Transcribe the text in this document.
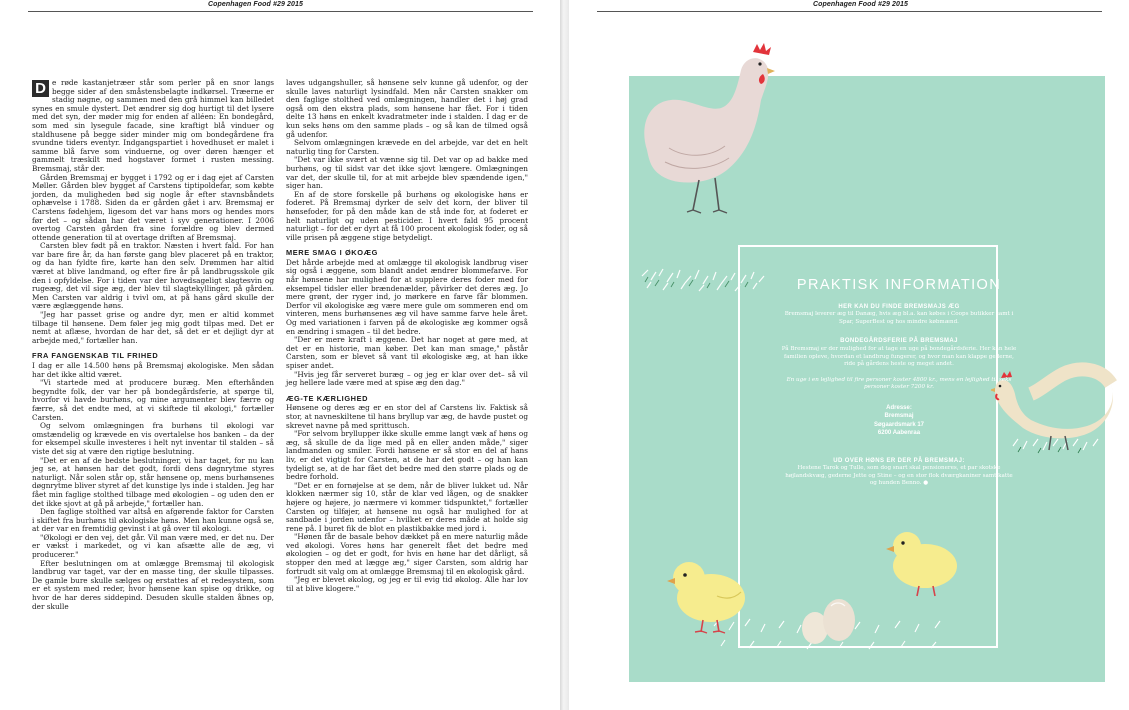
Copenhagen Food #29 2015

D e røde kastanjetræer står som perler på en snor langs begge sider af den småstensbelagte indkørsel. Træerne er stadig nøgne, og sammen med den grå himmel kan billedet synes en smule dystert. Det ændrer sig dog hurtigt til det lysere med det syn, der møder mig for enden af alléen: En bondegård, som med sin lysegule facade, sine kraftigt blå vinduer og staldhusene på begge sider minder mig om bondegårdene fra svundne tiders eventyr. Indgangspartiet i hovedhuset er malet i samme blå farve som vinduerne, og over døren hænger et gammelt træskilt med hogstaver formet i rusten messing. Bremsmaj, står der.

Gården Bremsmaj er bygget i 1792 og er i dag ejet af Carsten Møller. Gården blev bygget af Carstens tiptipoldefar, som købte jorden, da muligheden bød sig nogle år efter stavnsbåndets ophævelse i 1788. Siden da er gården gået i arv. Bremsmaj er Carstens fødehjem, ligesom det var hans mors og hendes mors før det – og sådan har det været i syv generationer. I 2006 overtog Carsten gården fra sine forældre og blev dermed ottende generation til at overtage driften af Bremsmaj.

Carsten blev født på en traktor. Næsten i hvert fald. For han var bare fire år, da han første gang blev placeret på en traktor, og da han fyldte fire, kørte han den selv. Drømmen har altid været at blive landmand, og efter fire år på landbrugsskole gik den i opfyldelse. For i tiden var der hovedsageligt slagtesvin og rugeæg, det vil sige æg, der blev til slagtekyllinger, på gården. Men Carsten var aldrig i tvivl om, at på hans gård skulle der være æglæggende høns.

"Jeg har passet grise og andre dyr, men er altid kommet tilbage til hønsene. Dem føler jeg mig godt tilpas med. Det er nemt at aflæse, hvordan de har det, så det er et dejligt dyr at arbejde med," fortæller han.

FRA FANGENSKAB TIL FRIHED

I dag er alle 14.500 høns på Bremsmaj økologiske. Men sådan har det ikke altid været.

"Vi startede med at producere buræg. Men efterhånden begyndte folk, der var her på bondegårdsferie, at spørge til, hvorfor vi havde burhøns, og mine argumenter blev færre og færre, så det endte med, at vi skiftede til økologi," fortæller Carsten.

Og selvom omlægningen fra burhøns til økologi var omstændelig og krævede en vis overtalelse hos banken – da der for eksempel skulle investeres i helt nyt inventar til stalden – så viste det sig at være den rigtige beslutning.

"Det er en af de bedste beslutninger, vi har taget, for nu kan jeg se, at hønsen har det godt, fordi dens døgnrytme styres naturligt. Når solen står op, står hønsene op, mens burhønsenes døgnrytme bliver styret af det kunstige lys inde i stalden. Jeg har fået min faglige stolthed tilbage med økologien – og uden den er det ikke sjovt at gå på arbejde," fortæller han.

Den faglige stolthed var altså en afgørende faktor for Carsten i skiftet fra burhøns til økologiske høns. Men han kunne også se, at der var en fremtidig gevinst i at gå over til økologi.

"Økologi er den vej, det går. Vil man være med, er det nu. Der er vækst i markedet, og vi kan afsætte alle de æg, vi producerer."

Efter beslutningen om at omlægge Bremsmaj til økologisk landbrug var taget, var der en masse ting, der skulle tilpasses. De gamle bure skulle sælges og erstattes af et redesystem, som er et system med reder, hvor hønsene kan spise og drikke, og hvor de har deres siddepind. Desuden skulle stalden åbnes op, der skulle

laves udgangshuller, så hønsene selv kunne gå udenfor, og der skulle laves naturligt lysindfald. Men når Carsten snakker om den faglige stolthed ved omlægningen, handler det i høj grad også om den ekstra plads, som hønsene har fået. For i tiden delte 13 høns en enkelt kvadratmeter inde i stalden. I dag er de kun seks høns om den samme plads – og så kan de tilmed også gå udenfor.

Selvom omlægningen krævede en del arbejde, var det en helt naturlig ting for Carsten.

"Det var ikke svært at vænne sig til. Det var op ad bakke med burhøns, og til sidst var det ikke sjovt længere. Omlægningen var det, der skulle til, for at mit arbejde blev spændende igen," siger han.

En af de store forskelle på burhøns og økologiske høns er foderet. På Bremsmaj dyrker de selv det korn, der bliver til hønsefoder, for på den måde kan de stå inde for, at foderet er helt naturligt og uden pesticider. I hvert fald 95 procent naturligt – for det er dyrt at få 100 procent økologisk foder, og så ville prisen på æggene stige betydeligt.

MERE SMAG I ØKOÆG

Det hårde arbejde med at omlægge til økologisk landbrug viser sig også i æggene, som blandt andet ændrer blommefarve. For når hønsene har mulighed for at supplere deres foder med for eksempel tidsler eller brændenælder, påvirker det deres æg. Jo mere grønt, der ryger ind, jo mørkere en farve får blommen. Derfor vil økologiske æg være mere gule om sommeren end om vinteren, mens burhønsenes æg vil have samme farve hele året. Og med variationen i farven på de økologiske æg kommer også en ændring i smagen – til det bedre.

"Der er mere kraft i æggene. Det har noget at gøre med, at det er en historie, man køber. Det kan man smage," påstår Carsten, som er blevet så vant til økologiske æg, at han ikke spiser andet.

"Hvis jeg får serveret buræg – og jeg er klar over det– så vil jeg hellere lade være med at spise æg den dag."

ÆG-TE KÆRLIGHED

Hønsene og deres æg er en stor del af Carstens liv. Faktisk så stor, at navneskiltene til hans bryllup var æg, de havde pustet og skrevet navne på med sprittusch.

"For selvom bryllupper ikke skulle emme langt væk af høns og æg, så skulle de da lige med på en eller anden måde," siger landmanden og smiler. Fordi hønsene er så stor en del af hans liv, er det vigtigt for Carsten, at de har det godt – og han kan tydeligt se, at de har fået det bedre med den større plads og de bedre forhold.

"Det er en fornøjelse at se dem, når de bliver lukket ud. Når klokken nærmer sig 10, står de klar ved lågen, og de snakker højere og højere, jo nærmere vi kommer tidspunktet," fortæller Carsten og tilføjer, at hønsene nu også har mulighed for at sandbade i jorden udenfor – hvilket er deres måde at holde sig rene på. I buret fik de blot en plastikbakke med jord i.

"Hønen får de basale behov dækket på en mere naturlig måde ved økologi. Vores høns har generelt fået det bedre med økologien – og det er godt, for hvis en høne har det dårligt, så stopper den med at lægge æg," siger Carsten, som aldrig har fortrudt sit valg om at omlægge Bremsmaj til en økologisk gård.

"Jeg er blevet økolog, og jeg er til evig tid økolog. Alle har lov til at blive klogere."

Copenhagen Food #29 2015
PRAKTISK INFORMATION
HER KAN DU FINDE BREMSMAJS ÆG

Bremsmaj leverer æg til Danæg, hvis æg bl.a. kan købes i Coops butikker samt i Spar, SuperBest og hos mindre købmænd.

BONDEGÅRDSFERIE PÅ BREMSMAJ

På Bremsmaj er der mulighed for at tage en uge på bondegårdsferie. Her kan hele familien opleve, hvordan et landbrug fungerer, og hvor man kan klappe gederne, ride på gårdens heste og meget andet.

En uge i en lejlighed til fire personer koster 4800 kr., mens en lejlighed til seks personer koster 7200 kr.

Adresse:
Bremsmaj
Søgaardsmark 17
6200 Aabenraa
UD OVER HØNS ER DER PÅ BREMSMAJ:

Hestene Tarok og Tulle, som dog snart skal pensioneres, et par skotske højlandskvæg, gederne Jette og Stine – og en stor flok dværgkaniner samt katte og hunden Benno. ●
